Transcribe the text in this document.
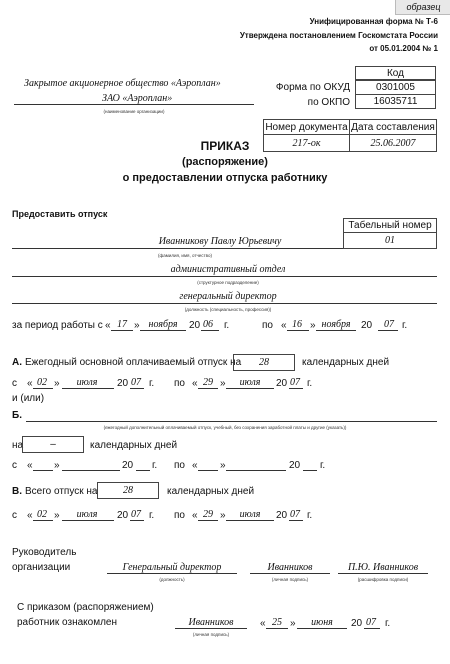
образец
Унифицированная форма № Т-6
Утверждена постановлением Госкомстата России
от 05.01.2004 № 1
Закрытое акционерное общество «Аэроплан»
ЗАО «Аэроплан»
(наименование организации)
Код
Форма по ОКУД	0301005
по ОКПО 16035711
Номер документа Дата составления
217-ок	25.06.2007
ПРИКАЗ
(распоряжение)
о предоставлении отпуска работнику
Предоставить отпуск
Табельный номер
01
Иванникову Павлу Юрьевичу
(фамилия, имя, отчество)
административный отдел
(структурное подразделение)
генеральный директор
(должность (специальность, профессия))
за период работы с « 17 » ноября 20 06 г.	по « 16 » ноября 20 07 г.
А. Ежегодный основной оплачиваемый отпуск на 28	календарных дней
с « 02 » июля 20 07 г. по « 29 » июля 20 07 г.
и (или)
Б.
(ежегодный дополнительный оплачиваемый отпуск, учебный, без сохранения заработной платы и другие (указать))
на	–	календарных дней
с « »	20 г. по « »	20 г.
В. Всего отпуск на	28	календарных дней
с « 02 » июля 20 07 г. по « 29 » июля 20 07 г.
Руководитель
организации	Генеральный директор
(должность)
Иванников
(личная подпись)
П.Ю. Иванников
(расшифровка подписи)
С приказом (распоряжением)
работник ознакомлен	Иванников
(личная подпись)
« 25 » июня 20 07 г.
